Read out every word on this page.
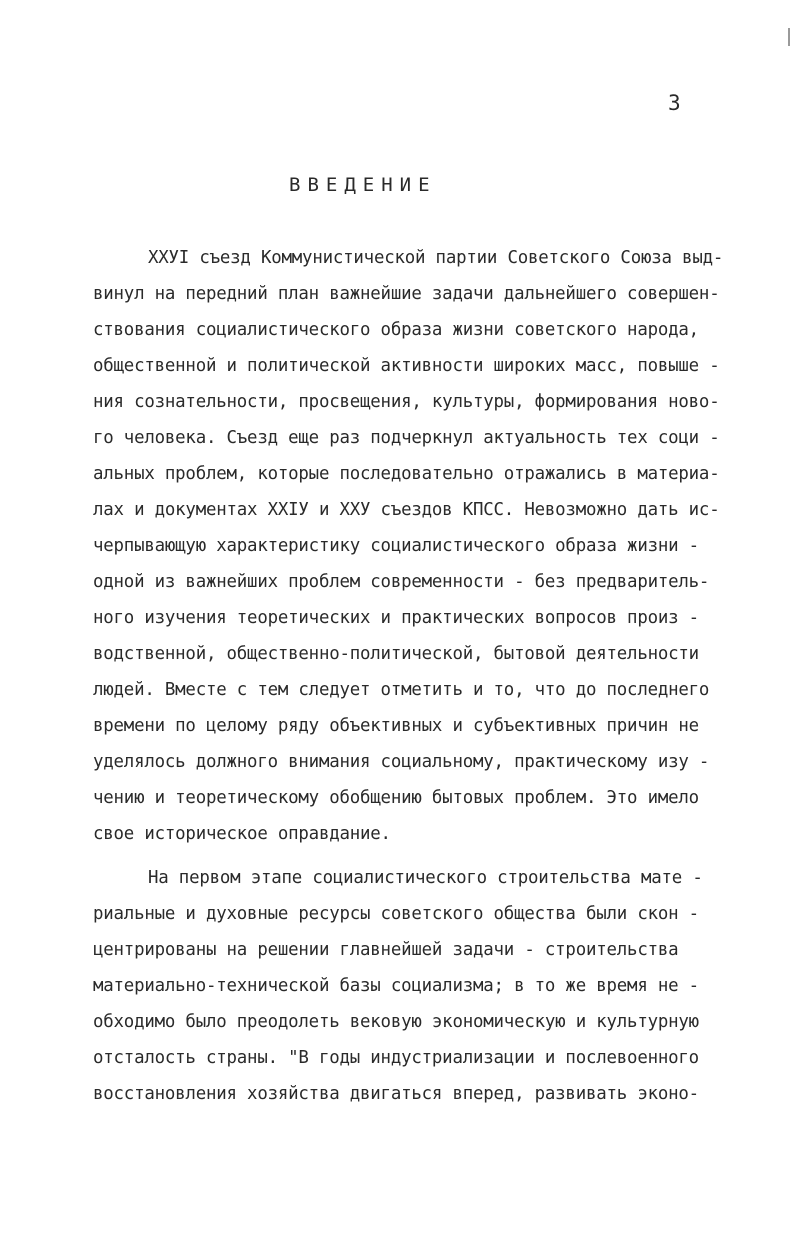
3
ВВЕДЕНИЕ
XXУI съезд Коммунистической партии Советского Союза выд-
винул на передний план важнейшие задачи дальнейшего совершен-
ствования социалистического образа жизни советского народа,
общественной и политической активности широких масс, повыше -
ния сознательности, просвещения, культуры, формирования ново-
го человека. Съезд еще раз подчеркнул актуальность тех соци -
альных проблем, которые последовательно отражались в материа-
лах и документах XXIУ и XXУ съездов КПСС. Невозможно дать ис-
черпывающую характеристику социалистического образа жизни -
одной из важнейших проблем современности - без предваритель-
ного изучения теоретических и практических вопросов произ -
водственной, общественно-политической, бытовой деятельности
людей. Вместе с тем следует отметить и то, что до последнего
времени по целому ряду объективных и субъективных причин не
уделялось должного внимания социальному, практическому изу -
чению и теоретическому обобщению бытовых проблем. Это имело
свое историческое оправдание.
На первом этапе социалистического строительства мате -
риальные и духовные ресурсы советского общества были скон -
центрированы на решении главнейшей задачи - строительства
материально-технической базы социализма; в то же время не -
обходимо было преодолеть вековую экономическую и культурную
отсталость страны. "В годы индустриализации и послевоенного
восстановления хозяйства двигаться вперед, развивать эконо-
